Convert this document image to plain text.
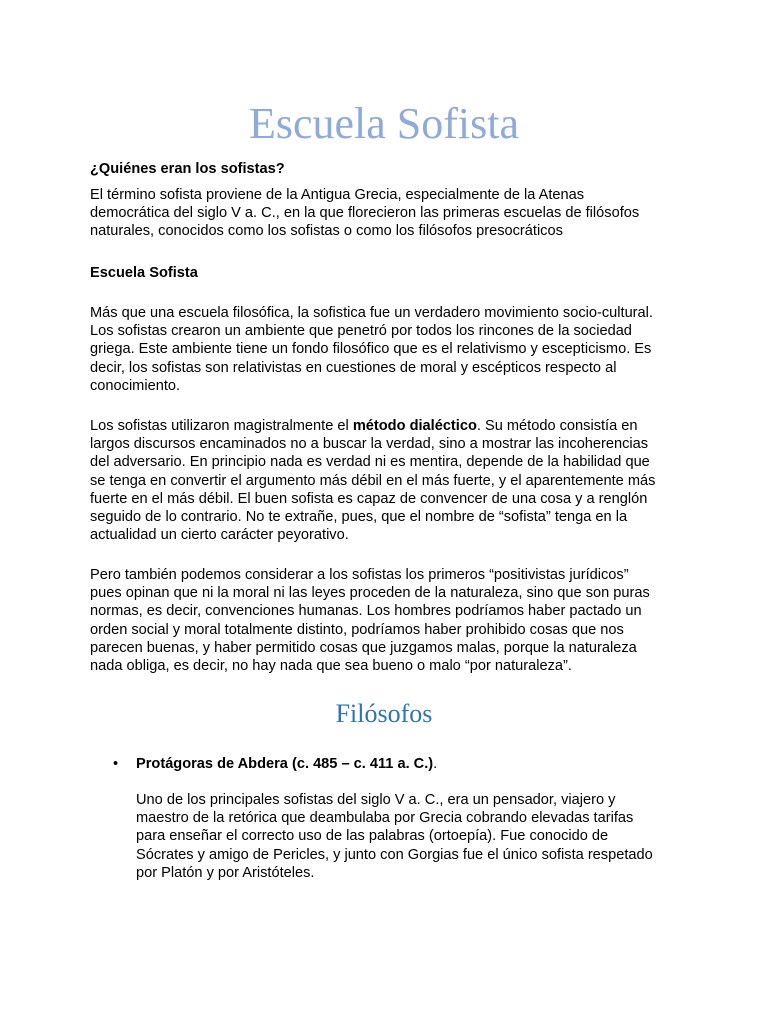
Escuela Sofista
¿Quiénes eran los sofistas?

El término sofista proviene de la Antigua Grecia, especialmente de la Atenas

democrática del siglo V a. C., en la que florecieron las primeras escuelas de filósofos

naturales, conocidos como los sofistas o como los filósofos presocráticos

Escuela Sofista

Más que una escuela filosófica, la sofistica fue un verdadero movimiento socio-cultural.

Los sofistas crearon un ambiente que penetró por todos los rincones de la sociedad

griega. Este ambiente tiene un fondo filosófico que es el relativismo y escepticismo. Es

decir, los sofistas son relativistas en cuestiones de moral y escépticos respecto al

conocimiento.

Los sofistas utilizaron magistralmente el método dialéctico. Su método consistía en

largos discursos encaminados no a buscar la verdad, sino a mostrar las incoherencias

del adversario. En principio nada es verdad ni es mentira, depende de la habilidad que

se tenga en convertir el argumento más débil en el más fuerte, y el aparentemente más

fuerte en el más débil. El buen sofista es capaz de convencer de una cosa y a renglón

seguido de lo contrario. No te extrañe, pues, que el nombre de “sofista” tenga en la

actualidad un cierto carácter peyorativo.

Pero también podemos considerar a los sofistas los primeros “positivistas jurídicos”

pues opinan que ni la moral ni las leyes proceden de la naturaleza, sino que son puras

normas, es decir, convenciones humanas. Los hombres podríamos haber pactado un

orden social y moral totalmente distinto, podríamos haber prohibido cosas que nos

parecen buenas, y haber permitido cosas que juzgamos malas, porque la naturaleza

nada obliga, es decir, no hay nada que sea bueno o malo “por naturaleza”.

Filósofos
• Protágoras de Abdera (c. 485 – c. 411 a. C.).

Uno de los principales sofistas del siglo V a. C., era un pensador, viajero y

maestro de la retórica que deambulaba por Grecia cobrando elevadas tarifas

para enseñar el correcto uso de las palabras (ortoepía). Fue conocido de

Sócrates y amigo de Pericles, y junto con Gorgias fue el único sofista respetado

por Platón y por Aristóteles.
